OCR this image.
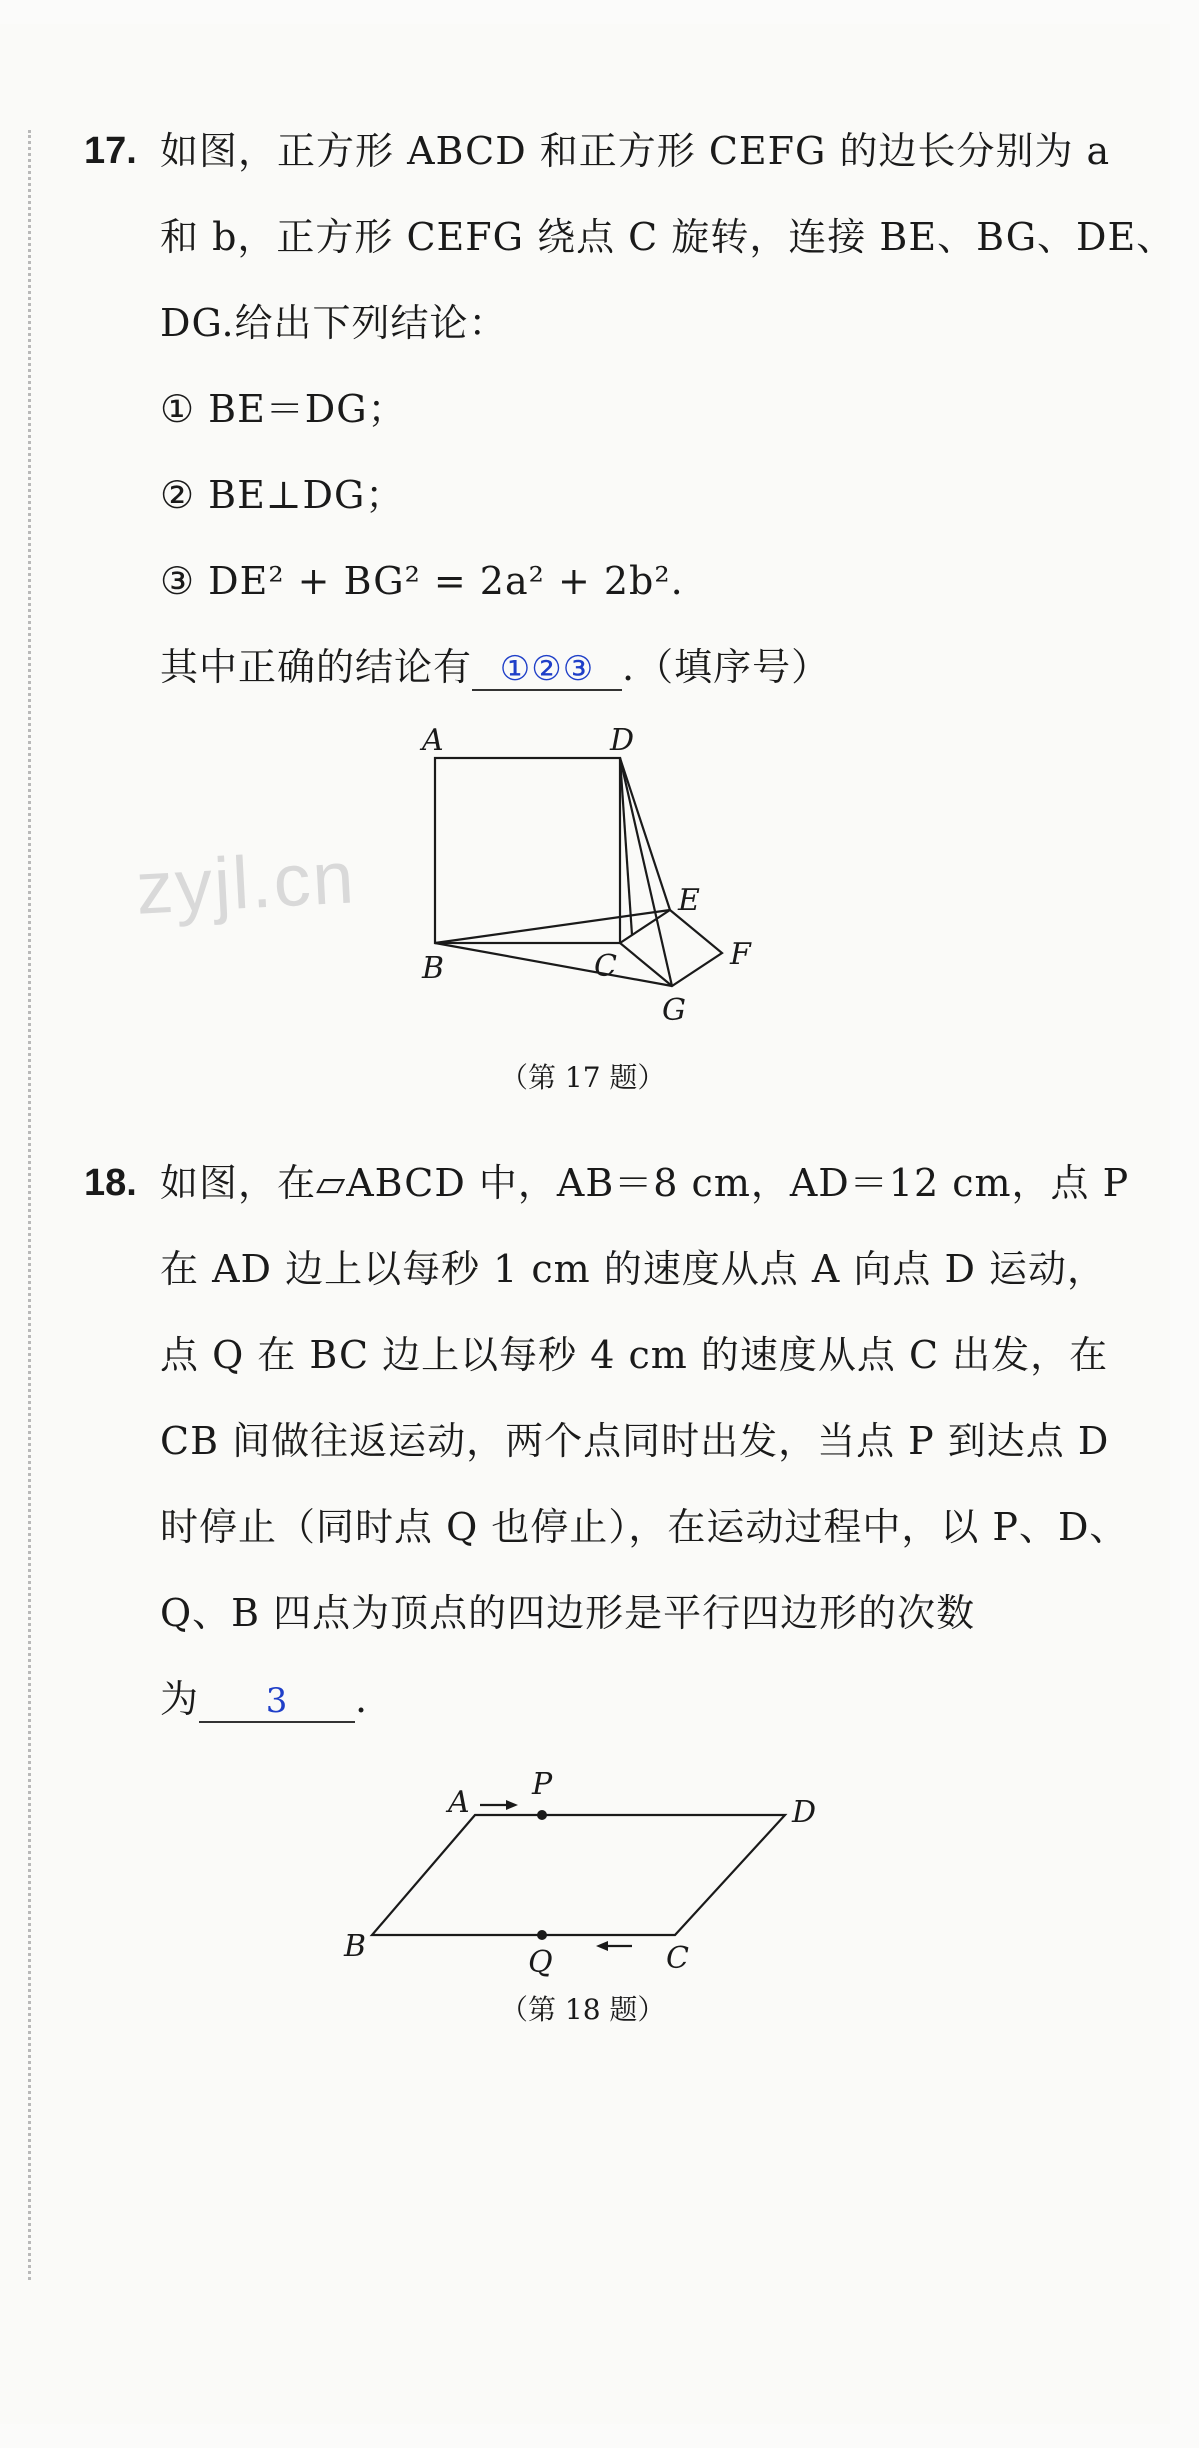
17. 如图，正方形 ABCD 和正方形 CEFG 的边长分别为 a
和 b，正方形 CEFG 绕点 C 旋转，连接 BE、BG、DE、
DG.给出下列结论：
① BE＝DG；
② BE⊥DG；
③ DE² + BG² = 2a² + 2b².
其中正确的结论有 ①②③ .（填序号）
zyjl.cn
A	D
B	C
E
F
G
（第 17 题）
18. 如图，在▱ABCD 中，AB＝8 cm，AD＝12 cm，点 P
在 AD 边上以每秒 1 cm 的速度从点 A 向点 D 运动，
点 Q 在 BC 边上以每秒 4 cm 的速度从点 C 出发，在
CB 间做往返运动，两个点同时出发，当点 P 到达点 D
时停止（同时点 Q 也停止），在运动过程中，以 P、D、
Q、B 四点为顶点的四边形是平行四边形的次数
为 3 .
A	D
B	C
P
Q
（第 18 题）
